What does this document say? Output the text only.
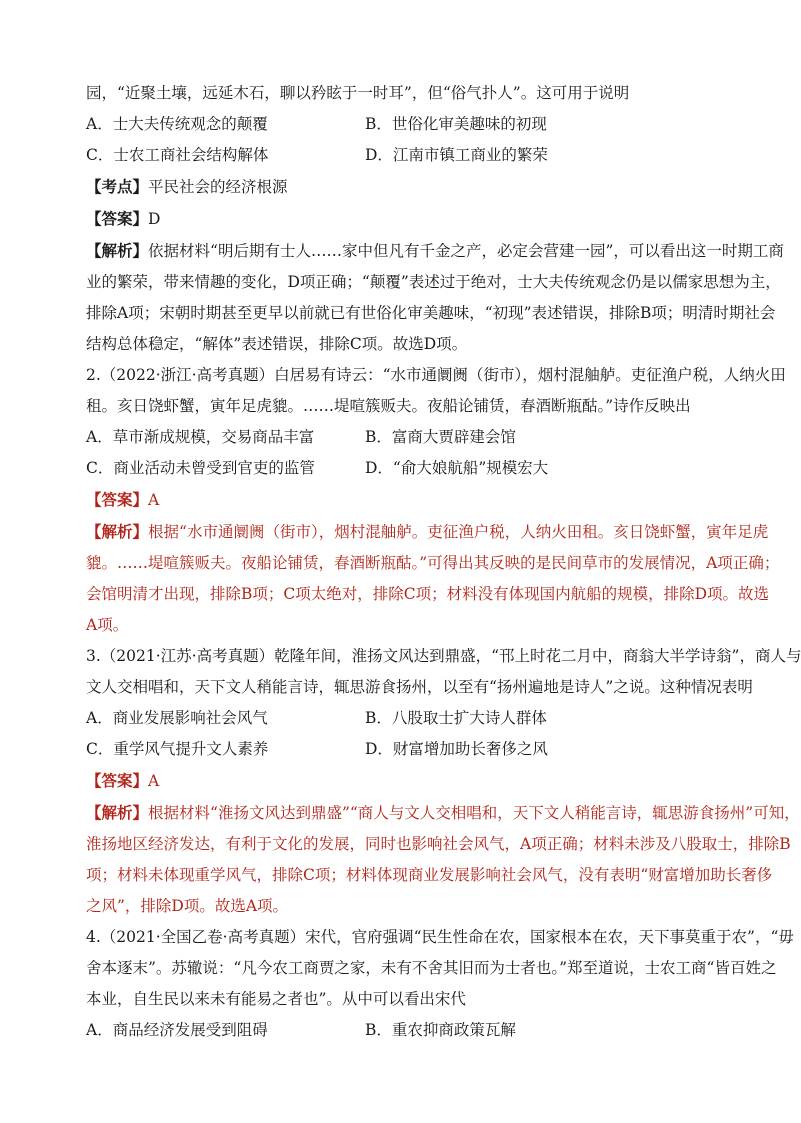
园，“近聚土壤，远延木石，聊以矜眩于一时耳”，但“俗气扑人”。这可用于说明
A．士大夫传统观念的颠覆	B．世俗化审美趣味的初现
C．士农工商社会结构解体	D．江南市镇工商业的繁荣
【考点】平民社会的经济根源
【答案】D
【解析】依据材料“明后期有士人……家中但凡有千金之产，必定会营建一园”，可以看出这一时期工商
业的繁荣，带来情趣的变化，D项正确；“颠覆”表述过于绝对，士大夫传统观念仍是以儒家思想为主，
排除A项；宋朝时期甚至更早以前就已有世俗化审美趣味，“初现”表述错误，排除B项；明清时期社会
结构总体稳定，“解体”表述错误，排除C项。故选D项。
2.（2022·浙江·高考真题）白居易有诗云：“水市通阛阓（街市），烟村混舳舻。吏征渔户税，人纳火田
租。亥日饶虾蟹，寅年足虎貔。……堤喧簇贩夫。夜船论铺赁，春酒断瓶酤。”诗作反映出
A．草市渐成规模，交易商品丰富	B．富商大贾辟建会馆
C．商业活动未曾受到官吏的监管	D．“俞大娘航船”规模宏大
【答案】A
【解析】根据“水市通阛阓（街市），烟村混舳舻。吏征渔户税，人纳火田租。亥日饶虾蟹，寅年足虎
貔。……堤喧簇贩夫。夜船论铺赁，春酒断瓶酤。”可得出其反映的是民间草市的发展情况，A项正确；
会馆明清才出现，排除B项；C项太绝对，排除C项；材料没有体现国内航船的规模，排除D项。故选
A项。
3.（2021·江苏·高考真题）乾隆年间，淮扬文风达到鼎盛，“邗上时花二月中，商翁大半学诗翁”，商人与
文人交相唱和，天下文人稍能言诗，辄思游食扬州，以至有“扬州遍地是诗人”之说。这种情况表明
A．商业发展影响社会风气	B．八股取士扩大诗人群体
C．重学风气提升文人素养	D．财富增加助长奢侈之风
【答案】A
【解析】根据材料“淮扬文风达到鼎盛”“商人与文人交相唱和，天下文人稍能言诗，辄思游食扬州”可知，
淮扬地区经济发达，有利于文化的发展，同时也影响社会风气，A项正确；材料未涉及八股取士，排除B
项；材料未体现重学风气，排除C项；材料体现商业发展影响社会风气，没有表明“财富增加助长奢侈
之风”，排除D项。故选A项。
4.（2021·全国乙卷·高考真题）宋代，官府强调“民生性命在农，国家根本在农，天下事莫重于农”，“毋
舍本逐末”。苏辙说：“凡今农工商贾之家，未有不舍其旧而为士者也。”郑至道说，士农工商“皆百姓之
本业，自生民以来未有能易之者也”。从中可以看出宋代
A．商品经济发展受到阻碍	B．重农抑商政策瓦解
